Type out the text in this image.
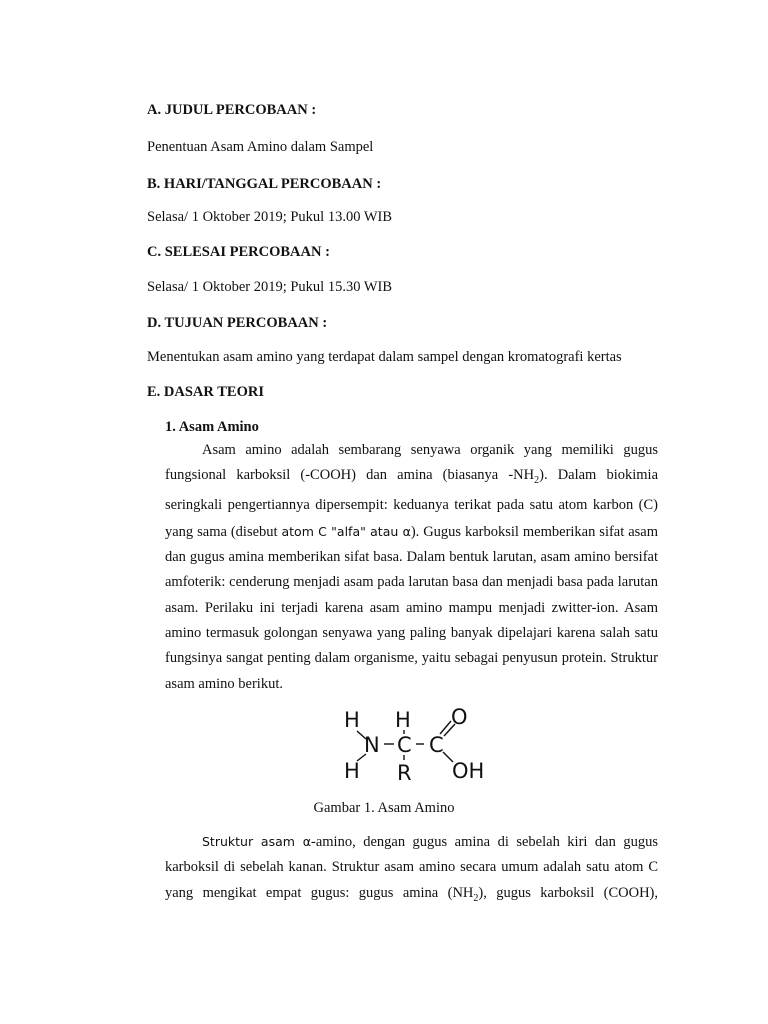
A. JUDUL PERCOBAAN :
Penentuan Asam Amino dalam Sampel
B. HARI/TANGGAL PERCOBAAN :
Selasa/ 1 Oktober 2019; Pukul 13.00 WIB
C. SELESAI PERCOBAAN :
Selasa/ 1 Oktober 2019; Pukul 15.30 WIB
D. TUJUAN PERCOBAAN :
Menentukan asam amino yang terdapat dalam sampel dengan kromatografi kertas
E. DASAR TEORI
1. Asam Amino

Asam amino adalah sembarang senyawa organik yang memiliki gugus fungsional karboksil (-COOH) dan amina (biasanya $-NH_2$). Dalam biokimia seringkali pengertiannya dipersempit: keduanya terikat pada satu atom karbon (C) yang sama (disebut atom C "alfa" atau α). Gugus karboksil memberikan sifat asam dan gugus amina memberikan sifat basa. Dalam bentuk larutan, asam amino bersifat amfoterik: cenderung menjadi asam pada larutan basa dan menjadi basa pada larutan asam. Perilaku ini terjadi karena asam amino mampu menjadi zwitter-ion. Asam amino termasuk golongan senyawa yang paling banyak dipelajari karena salah satu fungsinya sangat penting dalam organisme, yaitu sebagai penyusun protein. Struktur asam amino berikut.

H H O
N C C
H R OH
Gambar 1. Asam Amino

Struktur asam α-amino, dengan gugus amina di sebelah kiri dan gugus karboksil di sebelah kanan. Struktur asam amino secara umum adalah satu atom C yang mengikat empat gugus: gugus amina $(NH_2)$, gugus karboksil (COOH),
